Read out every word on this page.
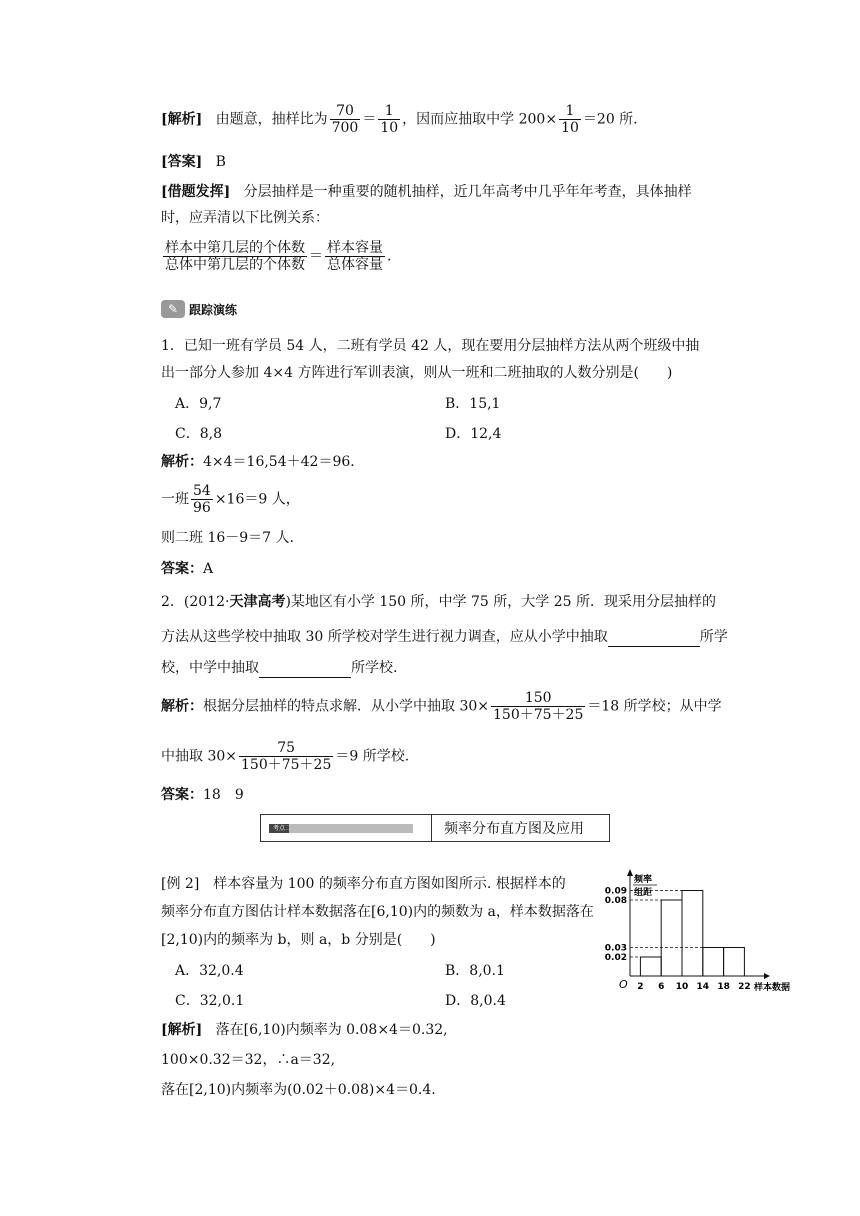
[解析] 由题意，抽样比为 $\frac{70}{700} = \frac{1}{10}$ ，因而应抽取中学 $200\times \frac{1}{10} =20$ 所.
[答案] B
[借题发挥] 分层抽样是一种重要的随机抽样，近几年高考中几乎年年考查，具体抽样
时，应弄清以下比例关系：
$\frac{\text{样本中第几层的个体数}}{\text{总体中第几层的个体数}} = \frac{\text{样本容量}}{\text{总体容量}}$ .
✎ 跟踪演练
1．已知一班有学员 54 人，二班有学员 42 人，现在要用分层抽样方法从两个班级中抽
出一部分人参加 4×4 方阵进行军训表演，则从一班和二班抽取的人数分别是(　　)
A．9,7	B．15,1
C．8,8	D．12,4
解析：4×4＝16,54＋42＝96.
一班 $\frac{54}{96} \times 16=9$ 人，
则二班 16－9＝7 人．
答案：A
2．(2012·天津高考)某地区有小学 150 所，中学 75 所，大学 25 所．现采用分层抽样的
方法从这些学校中抽取 30 所学校对学生进行视力调查，应从小学中抽取	所学
校，中学中抽取	所学校.
解析：根据分层抽样的特点求解．从小学中抽取 $30\times \frac{150}{150+75+25} =18$ 所学校；从中学
中抽取 $30\times \frac{75}{150+75+25} =9$ 所学校.
答案：18　9
考点二	频率分布直方图及应用
[例 2]　样本容量为 100 的频率分布直方图如图所示. 根据样本的
频率分布直方图估计样本数据落在[6,10)内的频数为 a，样本数据落在
[2,10)内的频率为 b，则 a，b 分别是(　　)
A．32,0.4	B．8,0.1
C．32,0.1	D．8,0.4
[解析] 落在[6,10)内频率为 0.08×4＝0.32,
100×0.32＝32，∴a＝32,
落在[2,10)内频率为(0.02＋0.08)×4＝0.4.
O
频率
组距
0.09
0.08
0.03
0.02
2 6 10 14 18 22 样本数据
